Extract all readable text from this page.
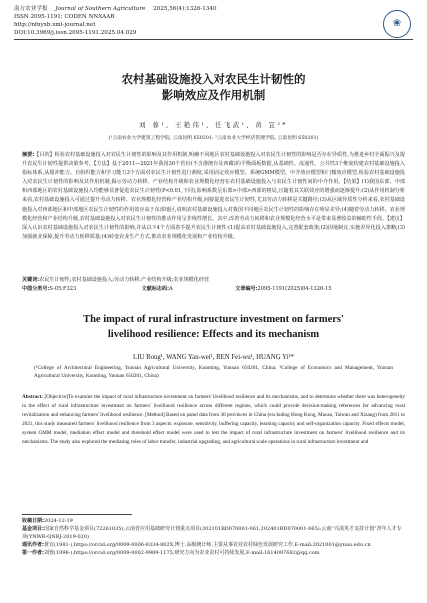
南方农业学报 Journal of Southern Agriculture 2025,56(4):1326-1340
ISSN 2095-1191; CODEN NNXAAB
http://nfnyxb.xml-journal.net
DOI:10.3969/j.issn.2095-1191.2025.04.029
❀
农村基础设施投入对农民生计韧性的
影响效应及作用机制
刘 蓉¹, 王艳伟¹, 任飞武¹, 黄 宜²*
(¹云南农业大学建筑工程学院, 云南昆明 650201; ²云南农业大学经济管理学院, 云南昆明 650201)
摘要:【目的】检验农村基础设施投入对农民生计韧性的影响及其作用机制,明确不同地区农村基础设施投入对农民生计韧性的影响是否存在异质性,为推进乡村全面振兴及提升农民生计韧性提供决策参考。【方法】基于2011—2021年我国30个省份(不含港澳台及西藏)的平衡面板数据,从基础性、流通性、公共性3个维度构建农村基础设施投入指标体系,从缓冲能力、自组织能力和学习能力3个方面对农民生计韧性进行测度,采用固定效应模型、系统GMM模型、中介效应模型和门槛效应模型,检验农村基础设施投入对农民生计韧性的影响及其作用机制,揭示劳动力转移、产业结构升级和农业规模化经营在农村基础设施投入与农民生计韧性间的中介作用。【结果】(1)我国东部、中部和西部地区的农村基础设施投入均能够显著促进农民生计韧性(P<0.01,下同),影响系数呈东部>中部>西部的格局,且随着其关联效应的增强而逐渐提升;(2)从作用机制分析来看,农村基础设施投入可通过提升劳动力转移、农业规模化经营和产业结构升级,间接促进农民生计韧性,尤其劳动力转移是关键路径;(3)从区域异质性分析来看,农村基础设施投入对西部地区和中部地区农民生计韧性的作用效应高于东部地区,说明农村基础设施投入对我国不同地区农民生计韧性的影响存在明显差异;(4)随着劳动力转移、农业规模化经营和产业结构升级,农村基础设施投入对农民生计韧性的推动作用呈非线性增长。其中,改善劳动力转移和农业规模化经营水平是带来显著收益的辅助性手段。【建议】深入认识农村基础设施投入对农民生计韧性的影响,并从以下4个方面着手提升农民生计韧性:(1)提高农村基础设施投入,完善配套政策;(2)因地制宜,实施差异化投入策略;(3)加强就业保障,提升劳动力转移质量;(4)转变农业生产方式,推动农业规模化发展和产业结构升级。
关键词:农民生计韧性;农村基础设施投入;劳动力转移;产业结构升级;农业规模化经营
中图分类号:S-05;F323	文献标志码:A	文章编号:2095-1191(2025)04-1326-15
The impact of rural infrastructure investment on farmers'
livelihood resilience: Effects and its mechanism
LIU Rong¹, WANG Yan-wei¹, REN Fei-wu¹, HUANG Yi²*
(¹College of Architectural Engineering, Yunnan Agricultural University, Kunming, Yunnan 650201, China; ²College of Economics and Management, Yunnan Agricultural University, Kunming, Yunnan 650201, China)
Abstract: [Objective]To examine the impact of rural infrastructure investment on farmers' livelihood resilience and its mechanisms, and to determine whether there was heterogeneity in the effect of rural infrastructure investment on farmers' livelihood resilience across different regions, which could provide decision-making references for advancing rural revitalization and enhancing farmers' livelihood resilience. [Method] Based on panel data from 30 provinces in China (excluding Hong Kong, Macau, Taiwan and Xizang) from 2011 to 2021, this study measured farmers' livelihood resilience from 3 aspects: exposure, sensitivity, buffering capacity, learning capacity and self-organization capacity. Fixed effects model, system GMM model, mediation effect model and threshold effect model were used to test the impact of rural infrastructure investment on farmers' livelihood resilience and its mechanisms. The study also explored the mediating roles of labor transfer, industrial upgrading, and agricultural scale operations in rural infrastructure investment and

收稿日期:2024-12-19

基金项目:国家自然科学基金项目(72261035);云南省应用基础研究计划重点项目(202101BD070001-061,202401BD070001-065);云南“兴滇英才支持计划”青年人才专项(YNWR-QNBJ-2019-020)

通讯作者:黄宜(1981-),https://orcid.org/0009-0006-8334-802X,博士,高级统计师,主要从事农业农村绿色发展研究工作,E-mail:2021001@ynau.edu.cn

第一作者:刘蓉(1996-),https://orcid.org/0009-0002-9989-1175,研究方向为农业农村可持续发展,E-mail:1614097682@qq.com
